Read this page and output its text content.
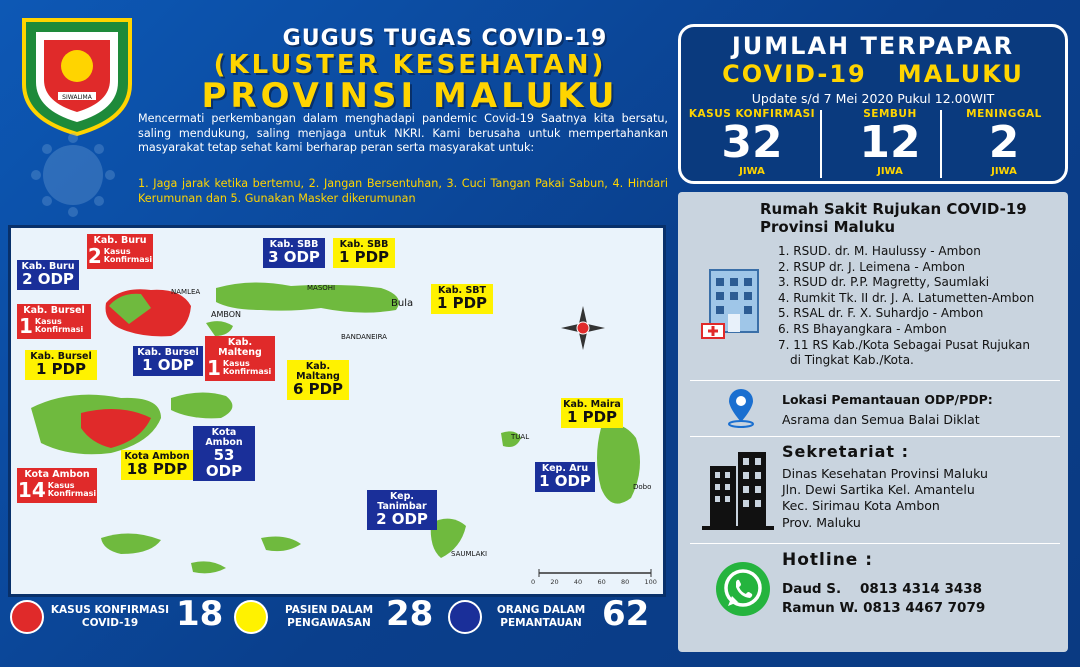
SIWALIMA
GUGUS TUGAS COVID-19
(KLUSTER KESEHATAN)
PROVINSI MALUKU
Mencermati perkembangan dalam menghadapi pandemic Covid-19 Saatnya kita bersatu, saling mendukung, saling menjaga untuk NKRI. Kami berusaha untuk mempertahankan masyarakat tetap sehat kami berharap peran serta masyarakat untuk:
1. Jaga jarak ketika bertemu, 2. Jangan Bersentuhan, 3. Cuci Tangan Pakai Sabun, 4. Hindari Kerumunan dan 5. Gunakan Masker dikerumunan
JUMLAH TERPAPAR
COVID-19   MALUKU
Update s/d 7 Mei 2020 Pukul 12.00WIT
KASUS KONFIRMASI
32
JIWA
SEMBUH
12
JIWA
MENINGGAL
2
JIWA
Rumah Sakit Rujukan COVID-19 Provinsi Maluku
1. RSUD. dr. M. Haulussy - Ambon
2. RSUP dr. J. Leimena - Ambon
3. RSUD dr. P.P. Magretty, Saumlaki
4. Rumkit Tk. II dr. J. A. Latumetten-Ambon
5. RSAL dr. F. X. Suhardjo - Ambon
6. RS Bhayangkara - Ambon
7. 11 RS Kab./Kota Sebagai Pusat Rujukan
di Tingkat Kab./Kota.
Lokasi Pemantauan ODP/PDP:
Asrama dan Semua Balai Diklat
Sekretariat :
Dinas Kesehatan Provinsi Maluku
Jln. Dewi Sartika Kel. Amantelu
Kec. Sirimau Kota Ambon
Prov. Maluku
Hotline :
Daud S.    0813 4314 3438
Ramun W. 0813 4467 7079
Bula
AMBON
BANDANEIRA
SAUMLAKI
TUAL
Dobo
NAMLEA	MASOHI
0 20 40 60 80 100
Kab. Buru
2 Kasus Konfirmasi
Kab. Buru
2 ODP
Kab. Bursel
1 Kasus Konfirmasi
Kab. Bursel
1 PDP
Kab. Bursel
1 ODP
Kab. SBB
3 ODP
Kab. SBB
1 PDP
Kab. SBT
1 PDP
Kab. Malteng
1 Kasus Konfirmasi	Kab. Maltang
6 PDP
Kota Ambon
53 ODP
Kota Ambon
18 PDP
Kota Ambon
14 Kasus Konfirmasi
Kab. Maira
1 PDP
Kep. Aru
1 ODP
Kep. Tanimbar
2 ODP
KASUS KONFIRMASI COVID-19	18	PASIEN DALAM PENGAWASAN 28	ORANG DALAM PEMANTAUAN 62
